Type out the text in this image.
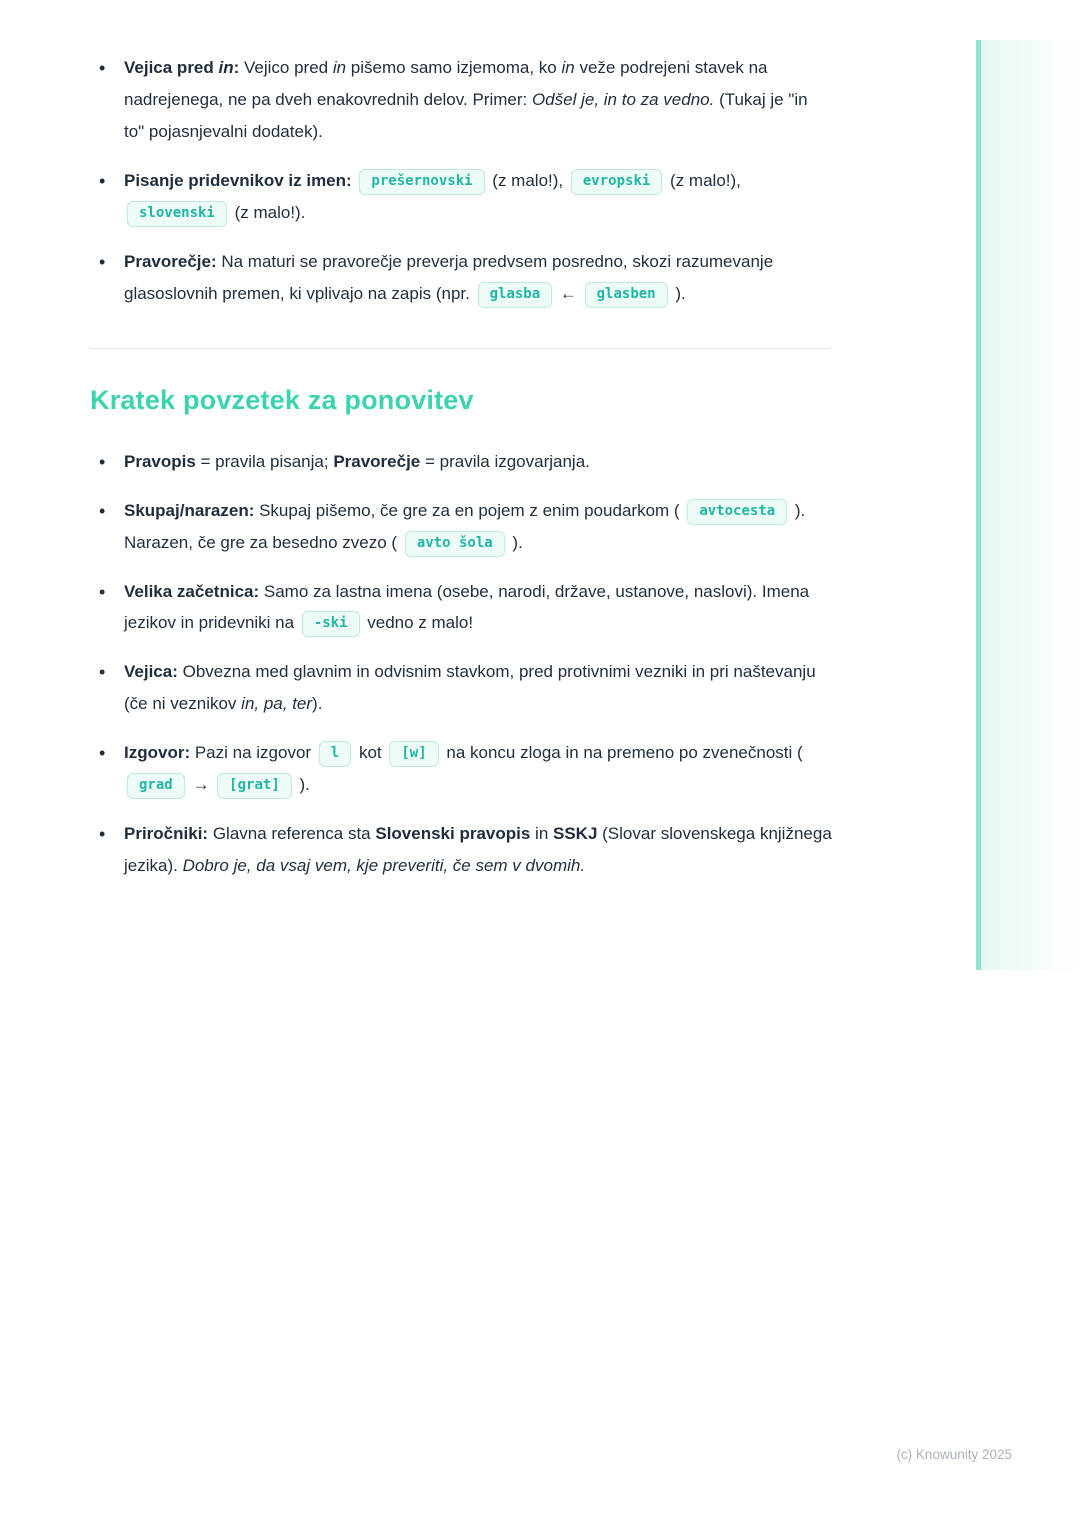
• Vejica pred in: Vejico pred in pišemo samo izjemoma, ko in veže podrejeni stavek na nadrejenega, ne pa dveh enakovrednih delov. Primer: Odšel je, in to za vedno. (Tukaj je "in to" pojasnjevalni dodatek).
• Pisanje pridevnikov iz imen: prešernovski (z malo!), evropski (z malo!), slovenski (z malo!).
• Pravorečje: Na maturi se pravorečje preverja predvsem posredno, skozi razumevanje glasoslovnih premen, ki vplivajo na zapis (npr. glasba ← glasben ).
Kratek povzetek za ponovitev
• Pravopis = pravila pisanja; Pravorečje = pravila izgovarjanja.
• Skupaj/narazen: Skupaj pišemo, če gre za en pojem z enim poudarkom ( avtocesta ). Narazen, če gre za besedno zvezo ( avto šola ).
• Velika začetnica: Samo za lastna imena (osebe, narodi, države, ustanove, naslovi). Imena jezikov in pridevniki na -ski vedno z malo!
• Vejica: Obvezna med glavnim in odvisnim stavkom, pred protivnimi vezniki in pri naštevanju (če ni veznikov in, pa, ter).
• Izgovor: Pazi na izgovor l kot [w] na koncu zloga in na premeno po zvenečnosti ( grad → [grat] ).
• Priročniki: Glavna referenca sta Slovenski pravopis in SSKJ (Slovar slovenskega knjižnega jezika). Dobro je, da vsaj vem, kje preveriti, če sem v dvomih.
(c) Knowunity 2025
